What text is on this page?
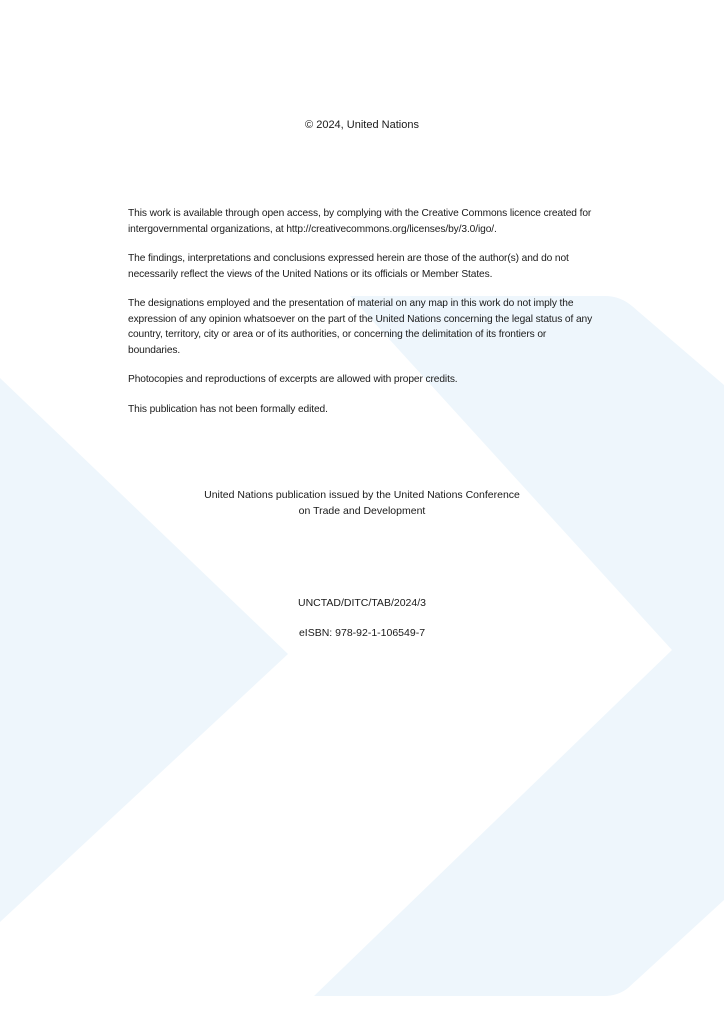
© 2024, United Nations

This work is available through open access, by complying with the Creative Commons licence created for intergovernmental organizations, at http://creativecommons.org/licenses/by/3.0/igo/.

The findings, interpretations and conclusions expressed herein are those of the author(s) and do not necessarily reflect the views of the United Nations or its officials or Member States.

The designations employed and the presentation of material on any map in this work do not imply the expression of any opinion whatsoever on the part of the United Nations concerning the legal status of any country, territory, city or area or of its authorities, or concerning the delimitation of its frontiers or boundaries.

Photocopies and reproductions of excerpts are allowed with proper credits.

This publication has not been formally edited.

United Nations publication issued by the United Nations Conference
on Trade and Development
UNCTAD/DITC/TAB/2024/3
eISBN: 978-92-1-106549-7
